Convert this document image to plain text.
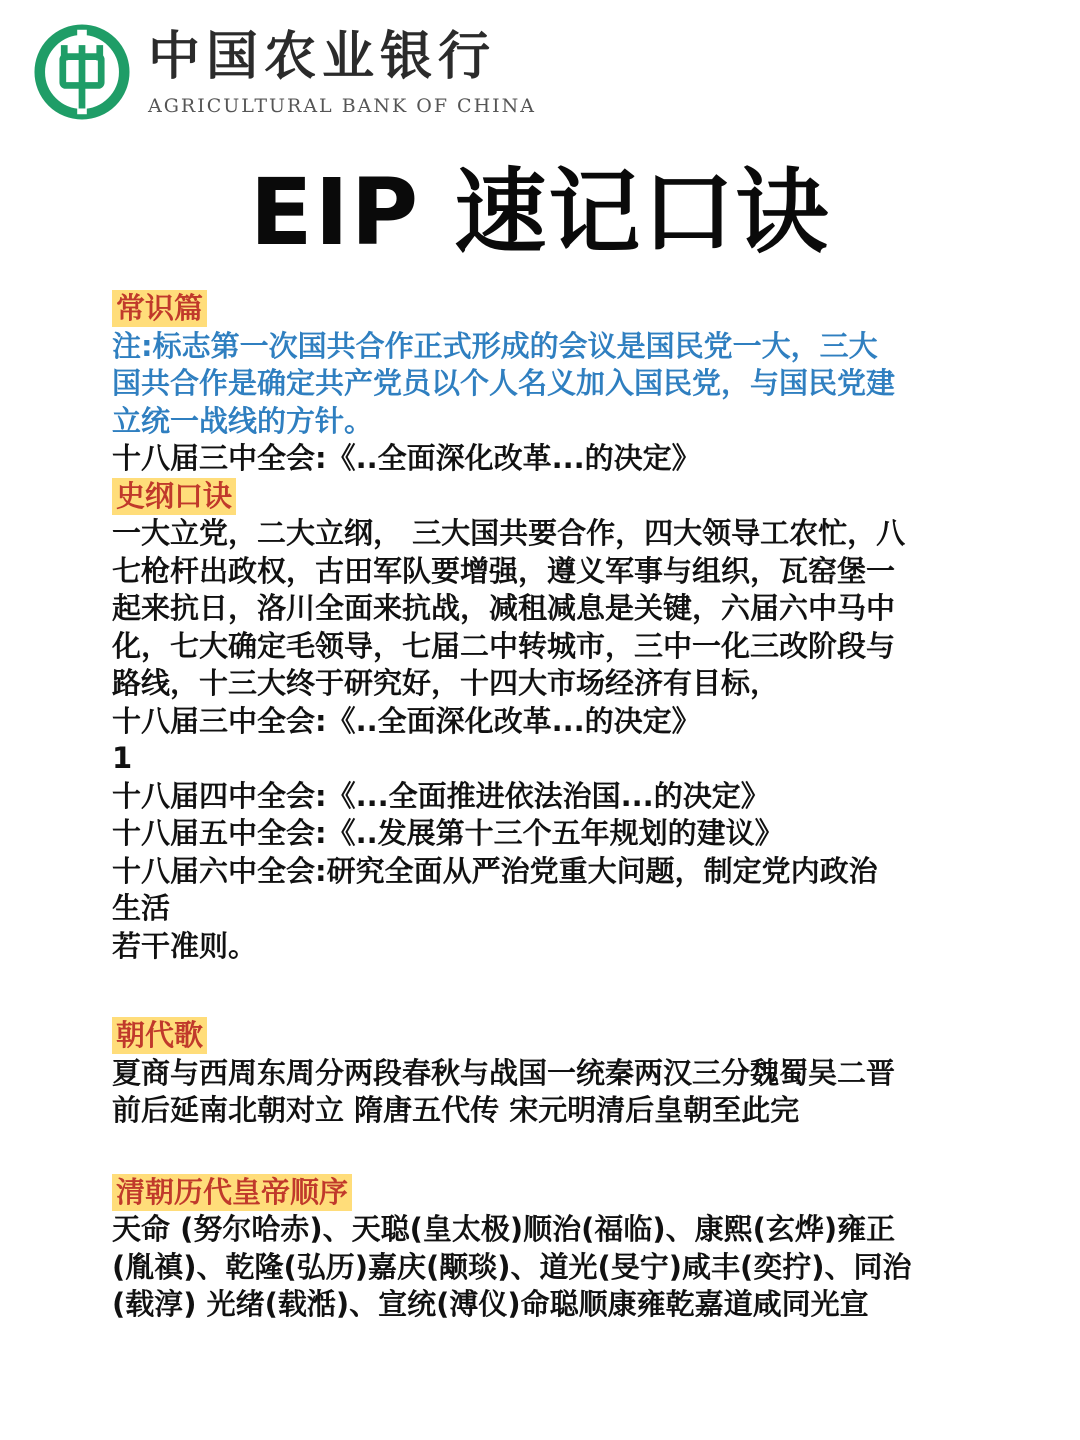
中国农业银行
AGRICULTURAL BANK OF CHINA
EIP 速记口诀
常识篇
注:标志第一次国共合作正式形成的会议是国民党一大，三大
国共合作是确定共产党员以个人名义加入国民党，与国民党建
立统一战线的方针。
十八届三中全会:《..全面深化改革...的决定》
史纲口诀
一大立党，二大立纲， 三大国共要合作，四大领导工农忙，八
七枪杆出政权，古田军队要增强，遵义军事与组织，瓦窑堡一
起来抗日，洛川全面来抗战，减租减息是关键，六届六中马中
化，七大确定毛领导，七届二中转城市，三中一化三改阶段与
路线，十三大终于研究好，十四大市场经济有目标，
十八届三中全会:《..全面深化改革...的决定》
1
十八届四中全会:《...全面推进依法治国...的决定》
十八届五中全会:《..发展第十三个五年规划的建议》
十八届六中全会:研究全面从严治党重大问题，制定党内政治
生活
若干准则。
朝代歌
夏商与西周东周分两段春秋与战国一统秦两汉三分魏蜀吴二晋
前后延南北朝对立 隋唐五代传 宋元明清后皇朝至此完
清朝历代皇帝顺序
天命 (努尔哈赤)、天聪(皇太极)顺治(福临)、康熙(玄烨)雍正
(胤禛)、乾隆(弘历)嘉庆(颙琰)、道光(旻宁)咸丰(奕拧)、同治
(载淳) 光绪(载湉)、宣统(溥仪)命聪顺康雍乾嘉道咸同光宣
